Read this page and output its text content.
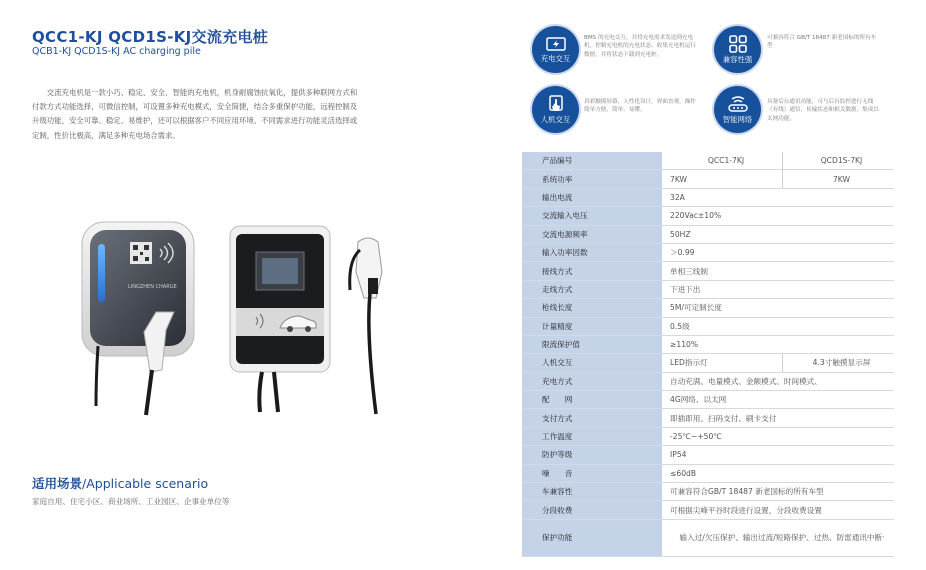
QCC1-KJ QCD1S-KJ交流充电桩
QCB1-KJ QCD1S-KJ AC charging pile
交流充电机是一款小巧、稳定、安全、智能的充电机，机身耐腐蚀抗氧化，提供多种联网方式和付款方式功能选择，可微信控制，可设置多种充电模式，安全简捷，结合多重保护功能，远程控制及升级功能，安全可靠、稳定、易维护，还可以根据客户不同应用环境、不同需求进行功能灵活选择或定制，性价比极高，满足多种充电场合需求。
LINGZHEN CHARGE
适用场景/Applicable scenario
家庭自用、住宅小区、商业场所、工业园区、企事业单位等
充电交互
BMS 的充电交互，并将充电需求发送到充电机，控制充电机的充电状态、收集充电机运行数据，并将状态下载到充电桩。	兼容性强
可兼容符合 GB/T 18487 新老国标的所有车型
人机交互
真彩触摸屏幕，人性化设计，界面直观，操作简单方便、简单、易懂。
智能网络
具备后台通讯功能，可与后台监控进行无线（有线）通信，传输状态和相关数据，集成以太网功能。
产品编号	QCC1-7KJ	QCD1S-7KJ
系统功率	7KW	7KW
输出电流	32A	
交流输入电压	220Vac±10%	
交流电源频率	50HZ	
输入功率因数	＞0.99	
接线方式	单相三线制	
走线方式	下进下出	
枪线长度	5M/可定制长度	
计量精度	0.5级	
限流保护值	≥110%	
人机交互	LED指示灯	4.3寸触摸显示屏
充电方式	自动充满、电量模式、金额模式、时间模式、	
配　　网	4G网络、以太网	
支付方式	即插即用、扫码支付、刷卡支付	
工作温度	-25℃~+50℃	
防护等级	IP54	
噪　　音	≤60dB	
车兼容性	可兼容符合GB/T 18487 新老国标的所有车型	
分段收费	可根据尖峰平谷时段进行设置，分段收费设置	
保护功能	输入过/欠压保护、输出过流/短路保护、过热、防雷通讯中断·	
